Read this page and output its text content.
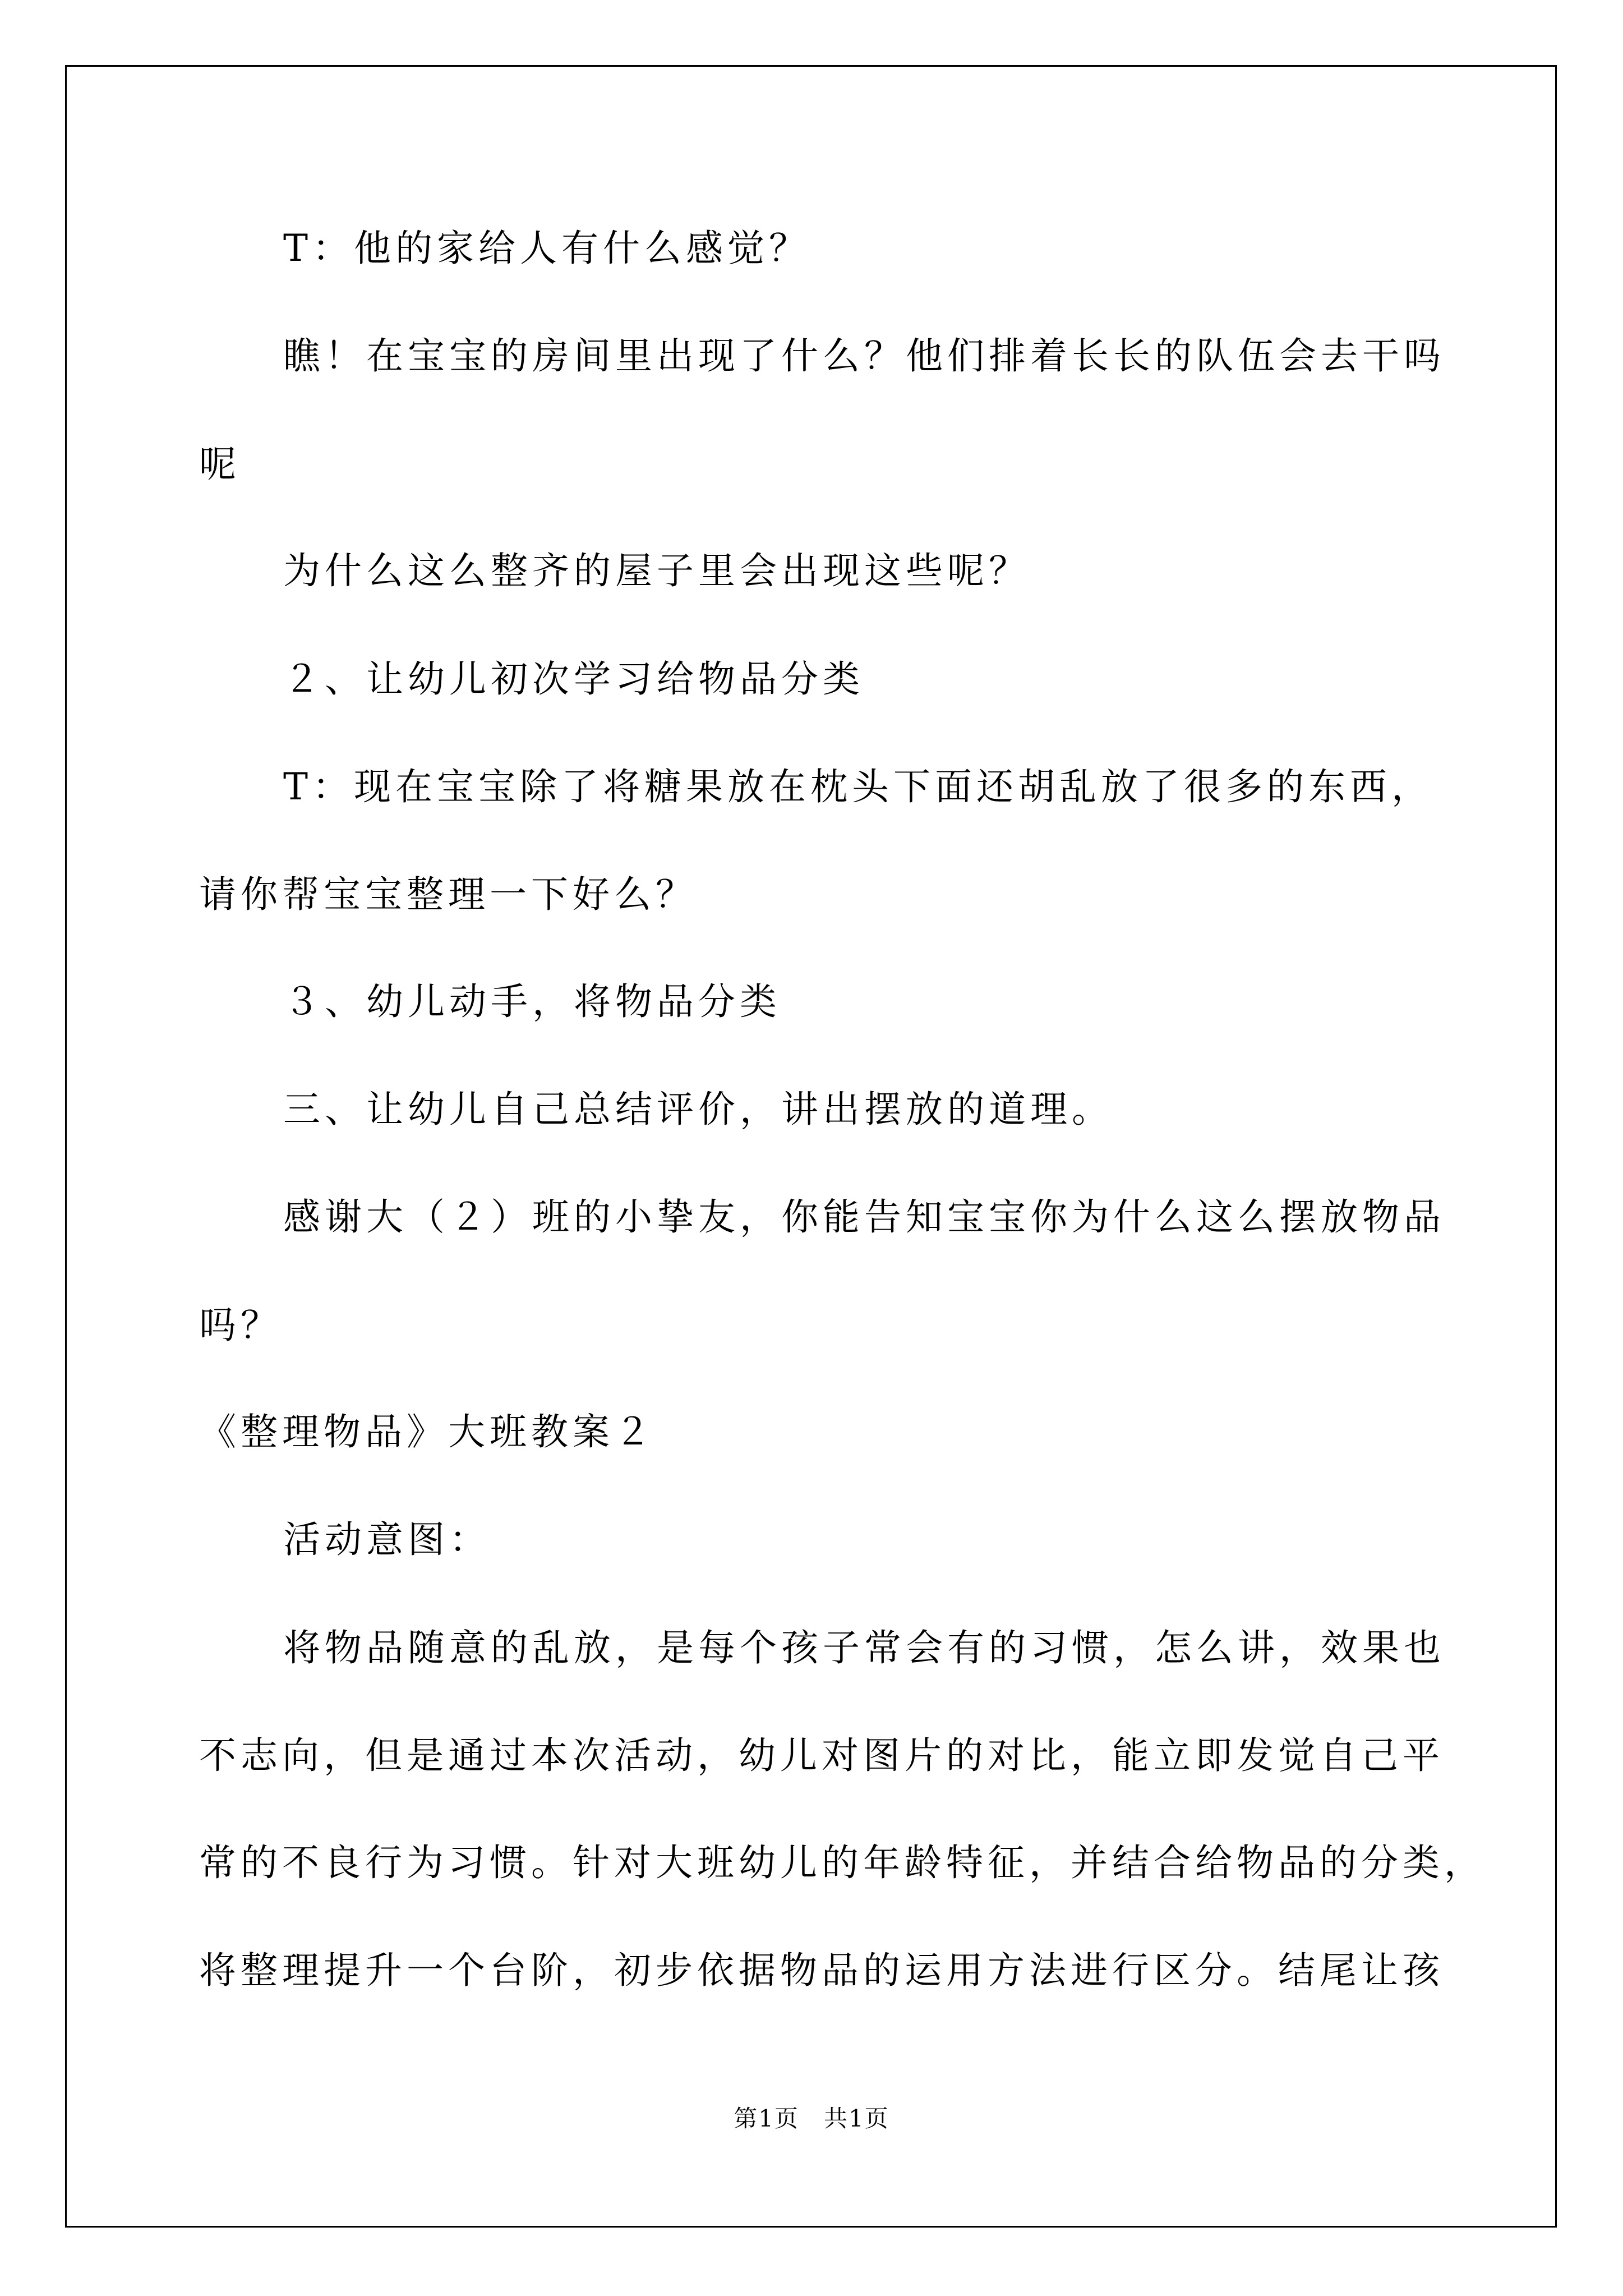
T：他的家给人有什么感觉？

瞧！在宝宝的房间里出现了什么？他们排着长长的队伍会去干吗

呢

为什么这么整齐的屋子里会出现这些呢？

２、让幼儿初次学习给物品分类

T：现在宝宝除了将糖果放在枕头下面还胡乱放了很多的东西，

请你帮宝宝整理一下好么？

３、幼儿动手，将物品分类

三、让幼儿自己总结评价，讲出摆放的道理。

感谢大（２）班的小挚友，你能告知宝宝你为什么这么摆放物品

吗？

《整理物品》大班教案２

活动意图：

将物品随意的乱放，是每个孩子常会有的习惯，怎么讲，效果也

不志向，但是通过本次活动，幼儿对图片的对比，能立即发觉自己平

常的不良行为习惯。针对大班幼儿的年龄特征，并结合给物品的分类，

将整理提升一个台阶，初步依据物品的运用方法进行区分。结尾让孩

第1页　共1页
